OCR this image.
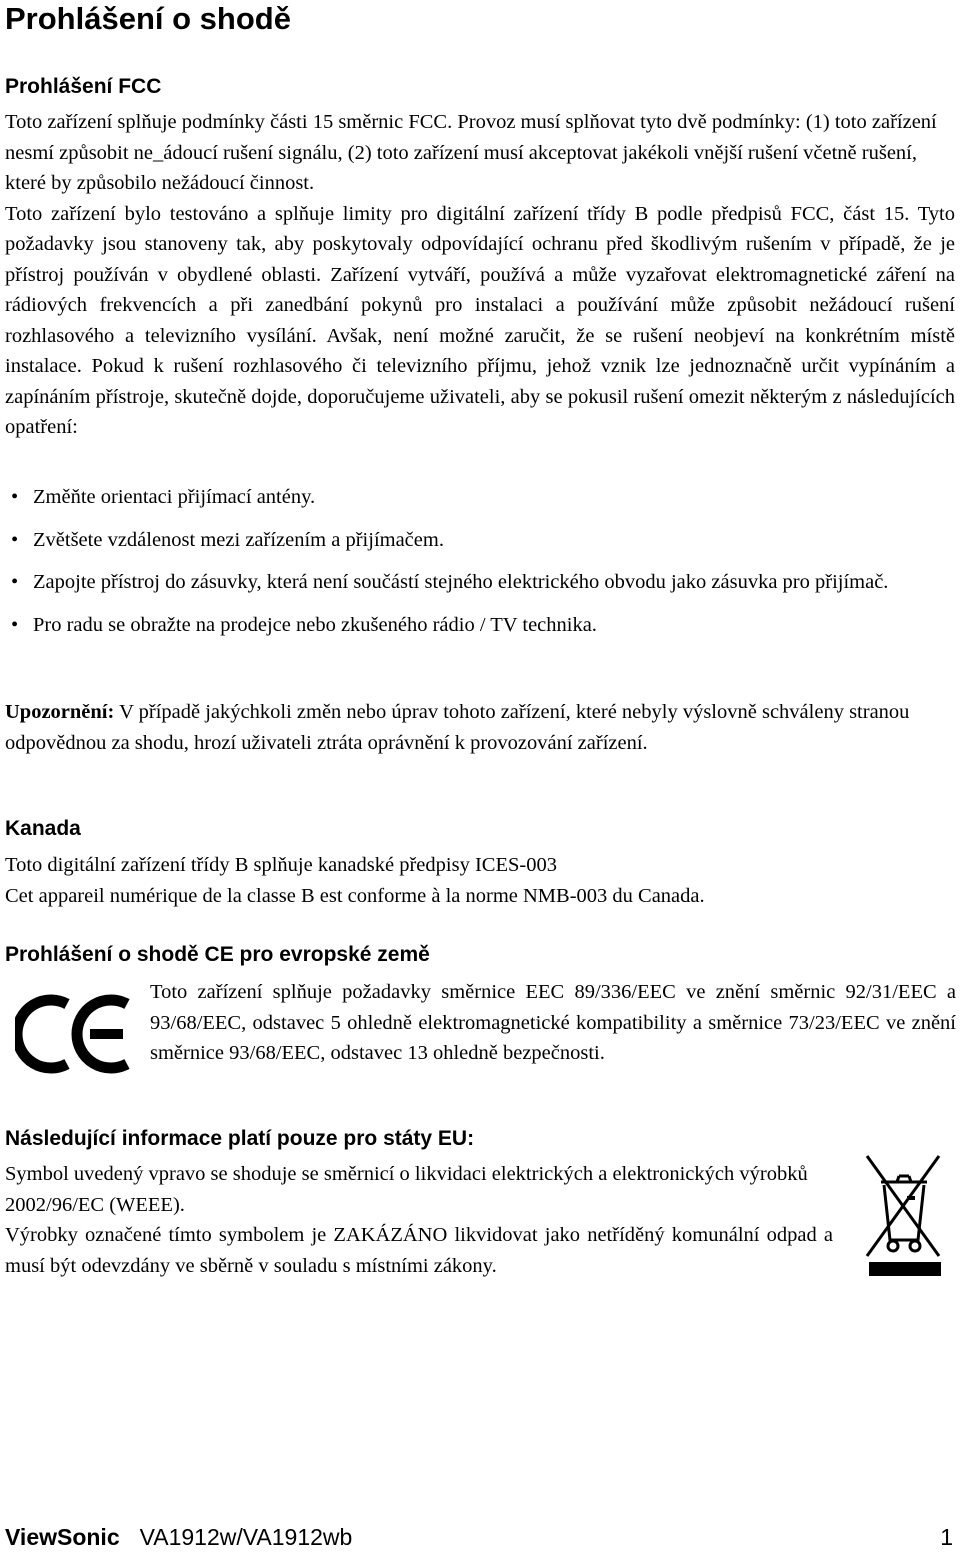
Prohlášení o shodě
Prohlášení FCC

Toto zařízení splňuje podmínky části 15 směrnic FCC. Provoz musí splňovat tyto dvě podmínky: (1) toto zařízení nesmí způsobit ne_ádoucí rušení signálu, (2) toto zařízení musí akceptovat jakékoli vnější rušení včetně rušení, které by způsobilo nežádoucí činnost.

Toto zařízení bylo testováno a splňuje limity pro digitální zařízení třídy B podle předpisů FCC, část 15. Tyto požadavky jsou stanoveny tak, aby poskytovaly odpovídající ochranu před škodlivým rušením v případě, že je přístroj používán v obydlené oblasti. Zařízení vytváří, používá a může vyzařovat elektromagnetické záření na rádiových frekvencích a při zanedbání pokynů pro instalaci a používání může způsobit nežádoucí rušení rozhlasového a televizního vysílání. Avšak, není možné zaručit, že se rušení neobjeví na konkrétním místě instalace. Pokud k rušení rozhlasového či televizního příjmu, jehož vznik lze jednoznačně určit vypínáním a zapínáním přístroje, skutečně dojde, doporučujeme uživateli, aby se pokusil rušení omezit některým z následujících opatření:

• Změňte orientaci přijímací antény.
• Zvětšete vzdálenost mezi zařízením a přijímačem.
• Zapojte přístroj do zásuvky, která není součástí stejného elektrického obvodu jako zásuvka pro přijímač.
• Pro radu se obražte na prodejce nebo zkušeného rádio / TV technika.

Upozornění: V případě jakýchkoli změn nebo úprav tohoto zařízení, které nebyly výslovně schváleny stranou odpovědnou za shodu, hrozí uživateli ztráta oprávnění k provozování zařízení.

Kanada

Toto digitální zařízení třídy B splňuje kanadské předpisy ICES-003

Cet appareil numérique de la classe B est conforme à la norme NMB-003 du Canada.

Prohlášení o shodě CE pro evropské země

Toto zařízení splňuje požadavky směrnice EEC 89/336/EEC ve znění směrnic 92/31/EEC a 93/68/EEC, odstavec 5 ohledně elektromagnetické kompatibility a směrnice 73/23/EEC ve znění směrnice 93/68/EEC, odstavec 13 ohledně bezpečnosti.

Následující informace platí pouze pro státy EU:

Symbol uvedený vpravo se shoduje se směrnicí o likvidaci elektrických a elektronických výrobků 2002/96/EC (WEEE).

Výrobky označené tímto symbolem je ZAKÁZÁNO likvidovat jako netříděný komunální odpad a musí být odevzdány ve sběrně v souladu s místními zákony.

ViewSonic VA1912w/VA1912wb	1
